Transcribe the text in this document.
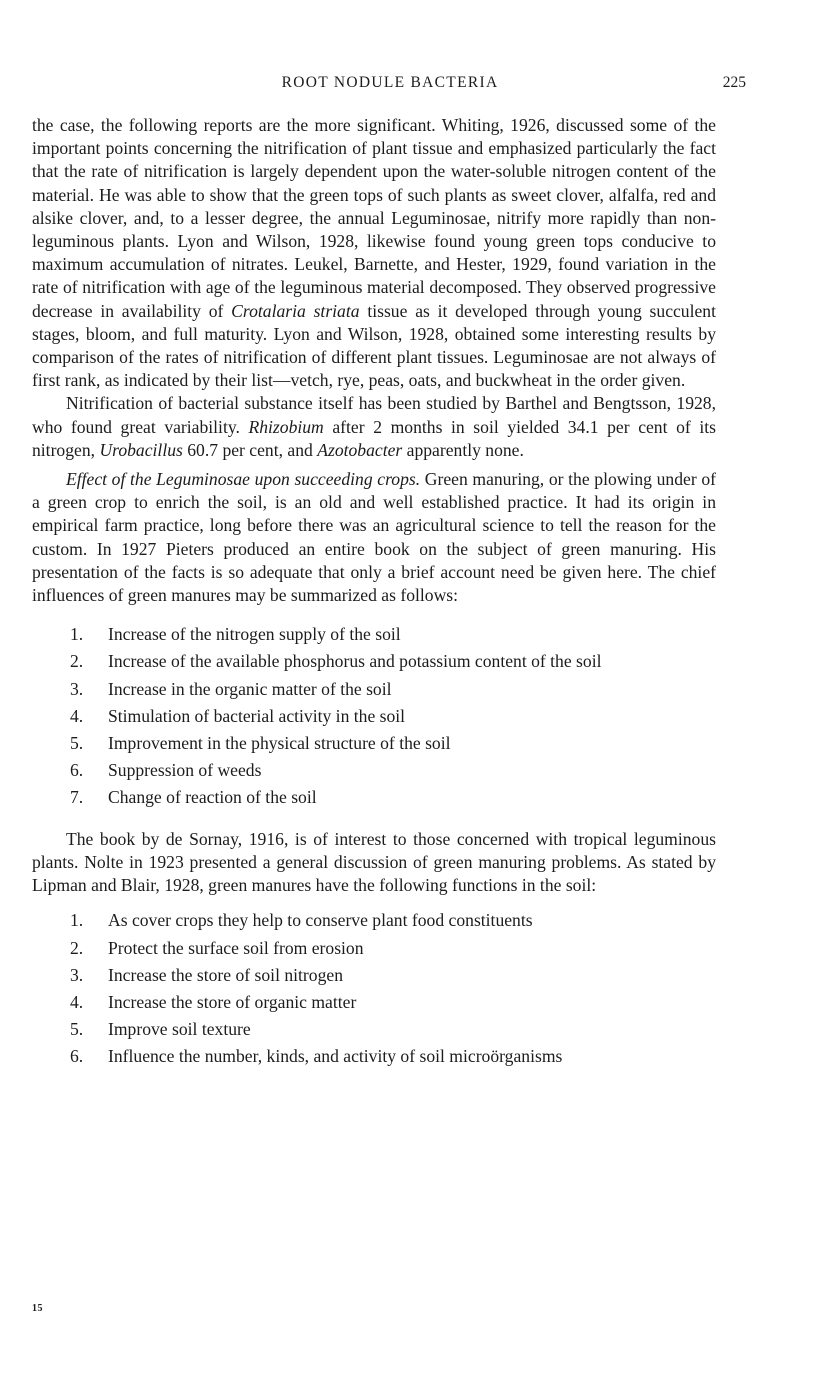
ROOT NODULE BACTERIA	225

the case, the following reports are the more significant. Whiting, 1926, discussed some of the important points concerning the nitrification of plant tissue and emphasized particularly the fact that the rate of nitrification is largely dependent upon the water-soluble nitrogen content of the material. He was able to show that the green tops of such plants as sweet clover, alfalfa, red and alsike clover, and, to a lesser degree, the annual Leguminosae, nitrify more rapidly than non-leguminous plants. Lyon and Wilson, 1928, likewise found young green tops conducive to maximum accumulation of nitrates. Leukel, Barnette, and Hester, 1929, found variation in the rate of nitrification with age of the leguminous material decomposed. They observed progressive decrease in availability of Crotalaria striata tissue as it developed through young succulent stages, bloom, and full maturity. Lyon and Wilson, 1928, obtained some interesting results by comparison of the rates of nitrification of different plant tissues. Leguminosae are not always of first rank, as indicated by their list—vetch, rye, peas, oats, and buckwheat in the order given.

Nitrification of bacterial substance itself has been studied by Barthel and Bengtsson, 1928, who found great variability. Rhizobium after 2 months in soil yielded 34.1 per cent of its nitrogen, Urobacillus 60.7 per cent, and Azotobacter apparently none.

Effect of the Leguminosae upon succeeding crops. Green manuring, or the plowing under of a green crop to enrich the soil, is an old and well established practice. It had its origin in empirical farm practice, long before there was an agricultural science to tell the reason for the custom. In 1927 Pieters produced an entire book on the subject of green manuring. His presentation of the facts is so adequate that only a brief account need be given here. The chief influences of green manures may be summarized as follows:

1.	Increase of the nitrogen supply of the soil
2.	Increase of the available phosphorus and potassium content of the soil
3.	Increase in the organic matter of the soil
4.	Stimulation of bacterial activity in the soil
5.	Improvement in the physical structure of the soil
6.	Suppression of weeds
7.	Change of reaction of the soil

The book by de Sornay, 1916, is of interest to those concerned with tropical leguminous plants. Nolte in 1923 presented a general discussion of green manuring problems. As stated by Lipman and Blair, 1928, green manures have the following functions in the soil:

1.	As cover crops they help to conserve plant food constituents
2.	Protect the surface soil from erosion
3.	Increase the store of soil nitrogen
4.	Increase the store of organic matter
5.	Improve soil texture
6.	Influence the number, kinds, and activity of soil microörganisms
15
